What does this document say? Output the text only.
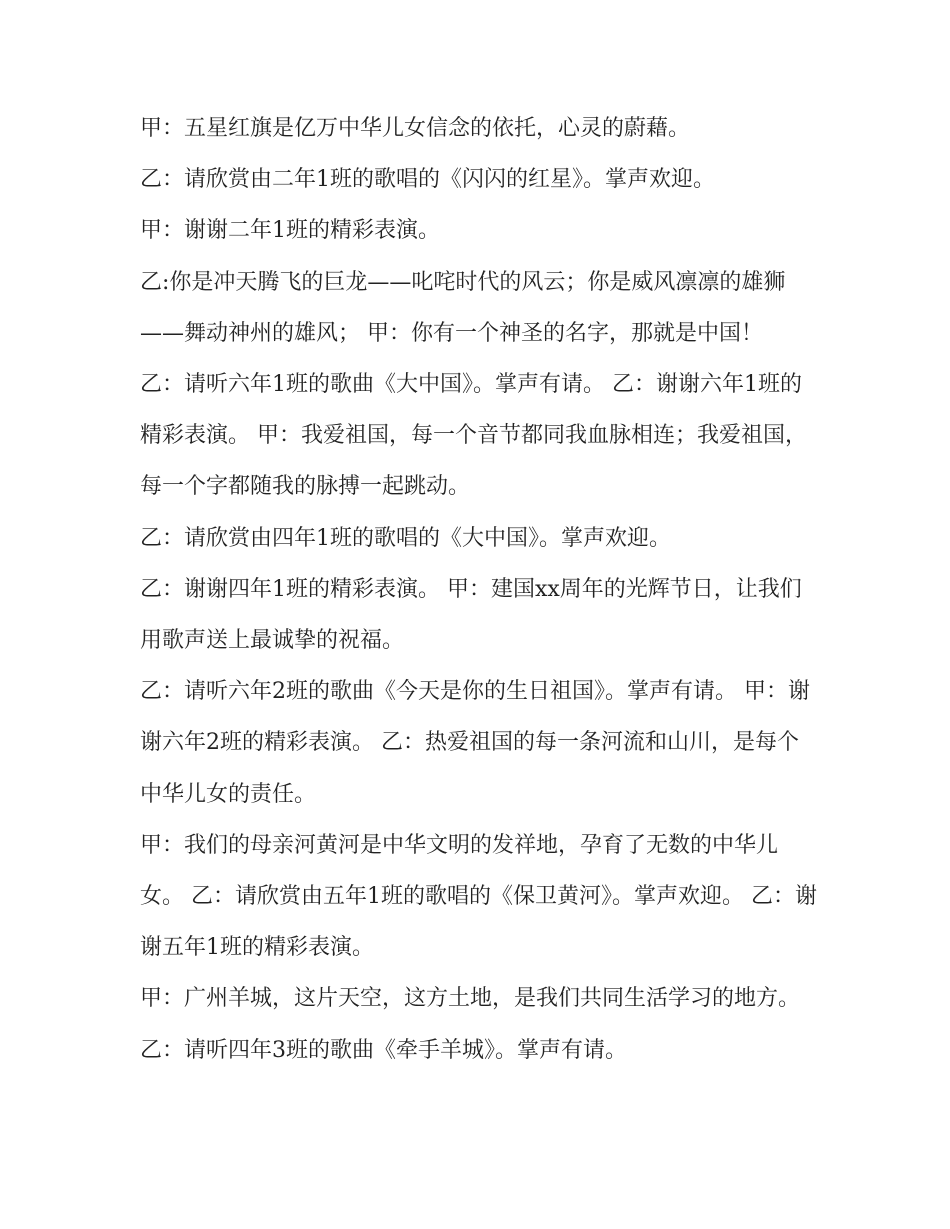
甲：五星红旗是亿万中华儿女信念的依托，心灵的蔚藉。

乙：请欣赏由二年1班的歌唱的《闪闪的红星》。掌声欢迎。

甲：谢谢二年1班的精彩表演。

乙:你是冲天腾飞的巨龙——叱咤时代的风云；你是威风凛凛的雄狮——舞动神州的雄风； 甲：你有一个神圣的名字，那就是中国！

乙：请听六年1班的歌曲《大中国》。掌声有请。 乙：谢谢六年1班的精彩表演。 甲：我爱祖国，每一个音节都同我血脉相连；我爱祖国，每一个字都随我的脉搏一起跳动。

乙：请欣赏由四年1班的歌唱的《大中国》。掌声欢迎。

乙：谢谢四年1班的精彩表演。 甲：建国xx周年的光辉节日，让我们用歌声送上最诚挚的祝福。

乙：请听六年2班的歌曲《今天是你的生日祖国》。掌声有请。 甲：谢谢六年2班的精彩表演。 乙：热爱祖国的每一条河流和山川，是每个中华儿女的责任。

甲：我们的母亲河黄河是中华文明的发祥地，孕育了无数的中华儿女。 乙：请欣赏由五年1班的歌唱的《保卫黄河》。掌声欢迎。 乙：谢谢五年1班的精彩表演。

甲：广州羊城，这片天空，这方土地，是我们共同生活学习的地方。 乙：请听四年3班的歌曲《牵手羊城》。掌声有请。
